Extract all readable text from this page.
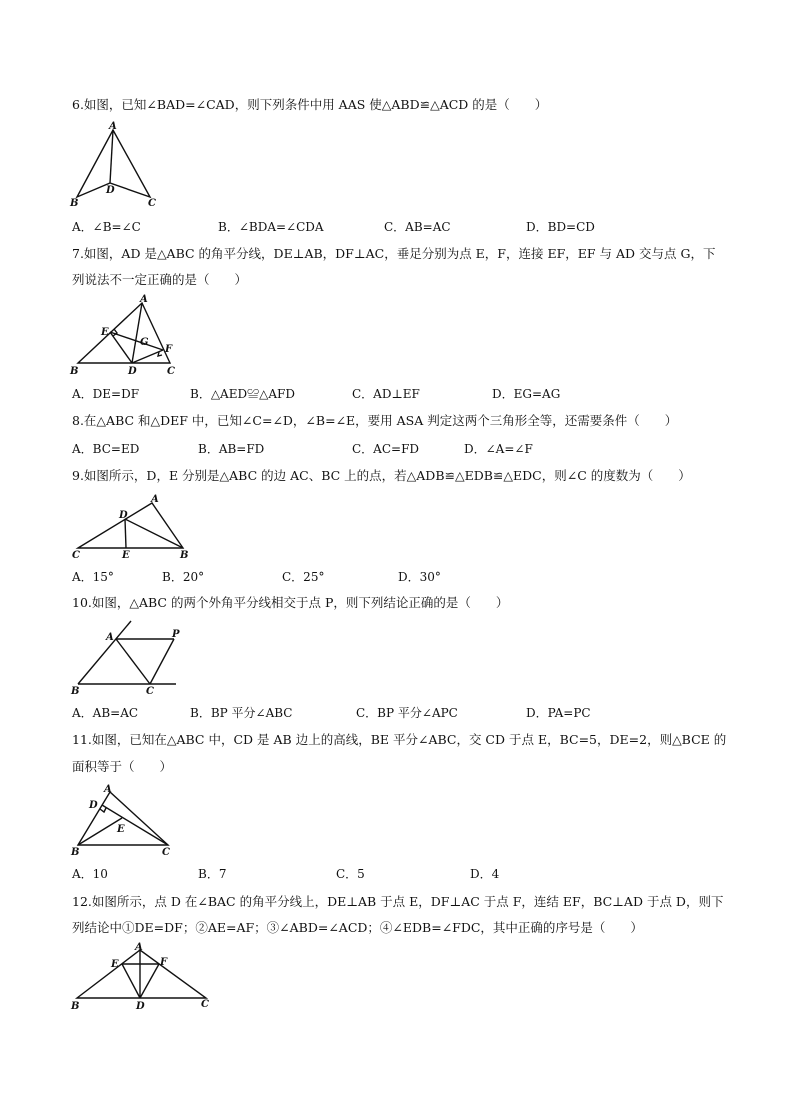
6.如图，已知∠BAD=∠CAD，则下列条件中用 AAS 使△ABD≌△ACD 的是（　　）
A
B
D
C
A．∠B=∠C	B．∠BDA=∠CDA	C．AB=AC	D．BD=CD
7.如图，AD 是△ABC 的角平分线，DE⊥AB，DF⊥AC，垂足分别为点 E，F，连接 EF，EF 与 AD 交与点 G，下
列说法不一定正确的是（　　）
A
E
G
F
B	D	C
A．DE=DF	B．△AED≌△AFD	C．AD⊥EF	D．EG=AG
8.在△ABC 和△DEF 中，已知∠C=∠D，∠B=∠E，要用 ASA 判定这两个三角形全等，还需要条件（　　）
A．BC=ED	B．AB=FD	C．AC=FD	D．∠A=∠F
9.如图所示，D，E 分别是△ABC 的边 AC、BC 上的点，若△ADB≌△EDB≌△EDC，则∠C 的度数为（　　）
A
D
C	E	B
A．15°	B．20°	C．25°	D．30°
10.如图，△ABC 的两个外角平分线相交于点 P，则下列结论正确的是（　　）
A	P
B	C
A．AB=AC	B．BP 平分∠ABC	C．BP 平分∠APC	D．PA=PC
11.如图，已知在△ABC 中，CD 是 AB 边上的高线，BE 平分∠ABC，交 CD 于点 E，BC=5，DE=2，则△BCE 的
面积等于（　　）
A
D
E
B	C
A．10	B．7	C．5	D．4
12.如图所示，点 D 在∠BAC 的角平分线上，DE⊥AB 于点 E，DF⊥AC 于点 F，连结 EF，BC⊥AD 于点 D，则下
列结论中①DE=DF；②AE=AF；③∠ABD=∠ACD；④∠EDB=∠FDC，其中正确的序号是（　　）
A
E	F
B	D	C
